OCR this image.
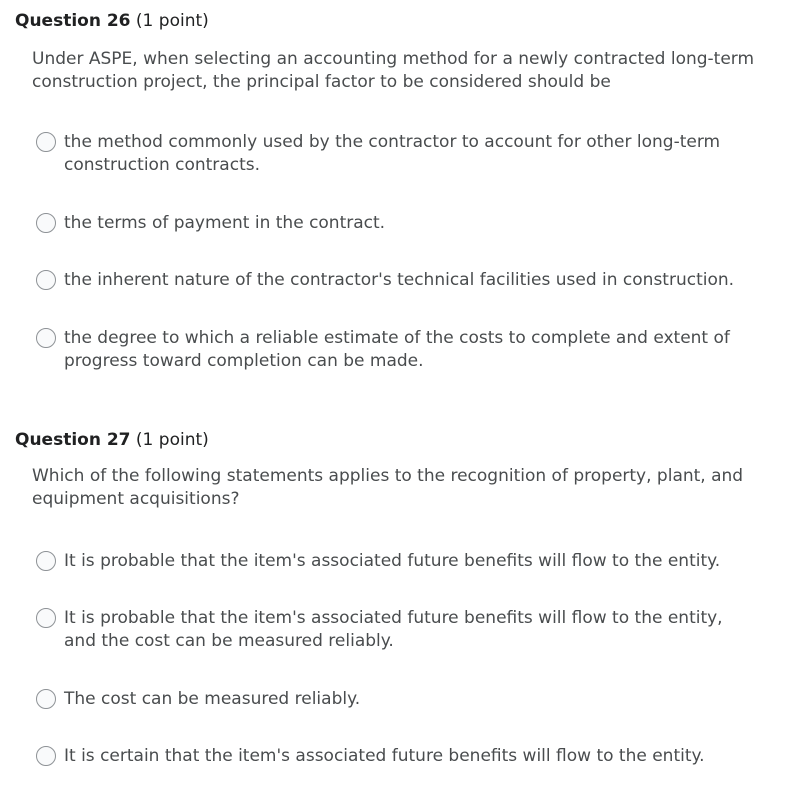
Question 26 (1 point)
Under ASPE, when selecting an accounting method for a newly contracted long-term construction project, the principal factor to be considered should be
the method commonly used by the contractor to account for other long-term construction contracts.
the terms of payment in the contract.
the inherent nature of the contractor's technical facilities used in construction.
the degree to which a reliable estimate of the costs to complete and extent of progress toward completion can be made.
Question 27 (1 point)
Which of the following statements applies to the recognition of property, plant, and equipment acquisitions?
It is probable that the item's associated future benefits will flow to the entity.
It is probable that the item's associated future benefits will flow to the entity, and the cost can be measured reliably.
The cost can be measured reliably.
It is certain that the item's associated future benefits will flow to the entity.
